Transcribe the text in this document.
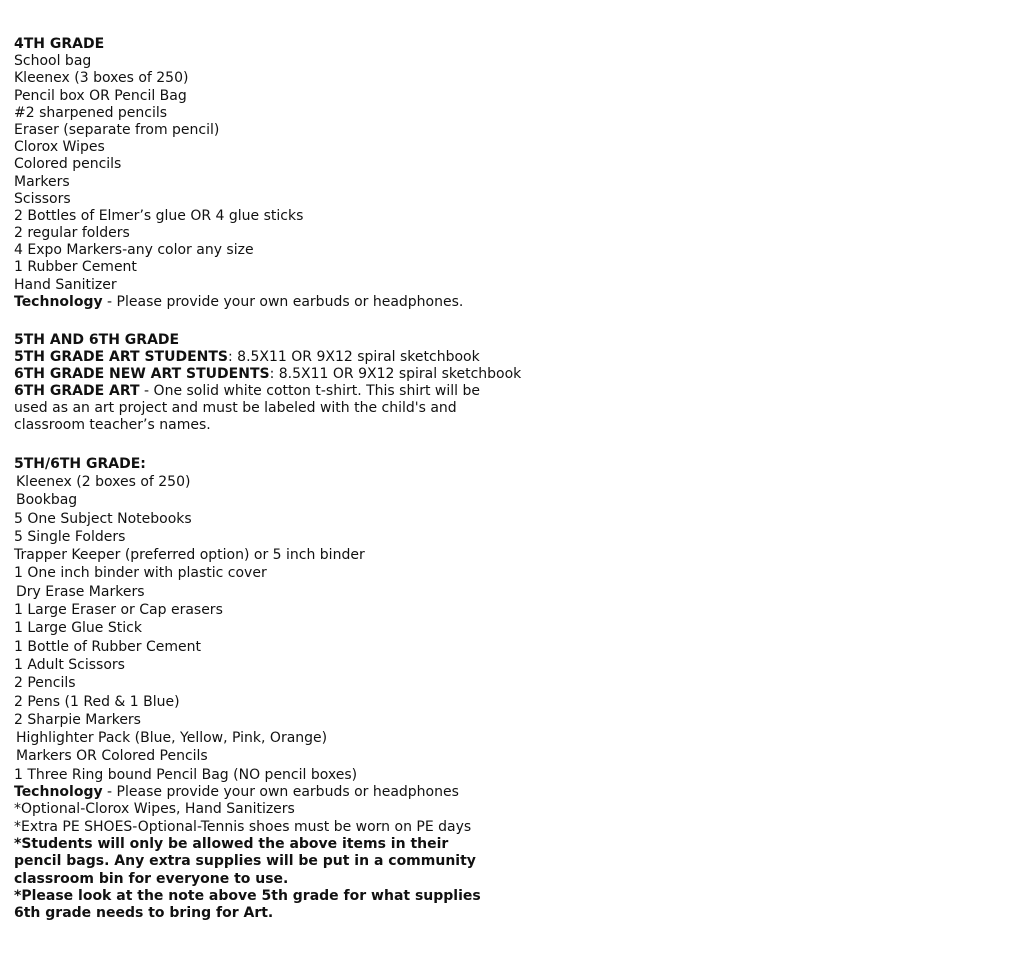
4TH GRADE
School bag
Kleenex (3 boxes of 250)
Pencil box OR Pencil Bag
#2 sharpened pencils
Eraser (separate from pencil)
Clorox Wipes
Colored pencils
Markers
Scissors
2 Bottles of Elmer’s glue OR 4 glue sticks
2 regular folders
4 Expo Markers-any color any size
1 Rubber Cement
Hand Sanitizer
Technology - Please provide your own earbuds or headphones.
5TH AND 6TH GRADE
5TH GRADE ART STUDENTS: 8.5X11 OR 9X12 spiral sketchbook
6TH GRADE NEW ART STUDENTS: 8.5X11 OR 9X12 spiral sketchbook
6TH GRADE ART - One solid white cotton t-shirt. This shirt will be used as an art project and must be labeled with the child's and classroom teacher’s names.
5TH/6TH GRADE:
Kleenex (2 boxes of 250)
Bookbag
5 One Subject Notebooks
5 Single Folders
Trapper Keeper (preferred option) or 5 inch binder
1 One inch binder with plastic cover
Dry Erase Markers
1 Large Eraser or Cap erasers
1 Large Glue Stick
1 Bottle of Rubber Cement
1 Adult Scissors
2 Pencils
2 Pens (1 Red & 1 Blue)
2 Sharpie Markers
Highlighter Pack (Blue, Yellow, Pink, Orange)
Markers OR Colored Pencils
1 Three Ring bound Pencil Bag (NO pencil boxes)
Technology - Please provide your own earbuds or headphones
*Optional-Clorox Wipes, Hand Sanitizers
*Extra PE SHOES-Optional-Tennis shoes must be worn on PE days
*Students will only be allowed the above items in their pencil bags. Any extra supplies will be put in a community classroom bin for everyone to use.
*Please look at the note above 5th grade for what supplies 6th grade needs to bring for Art.
